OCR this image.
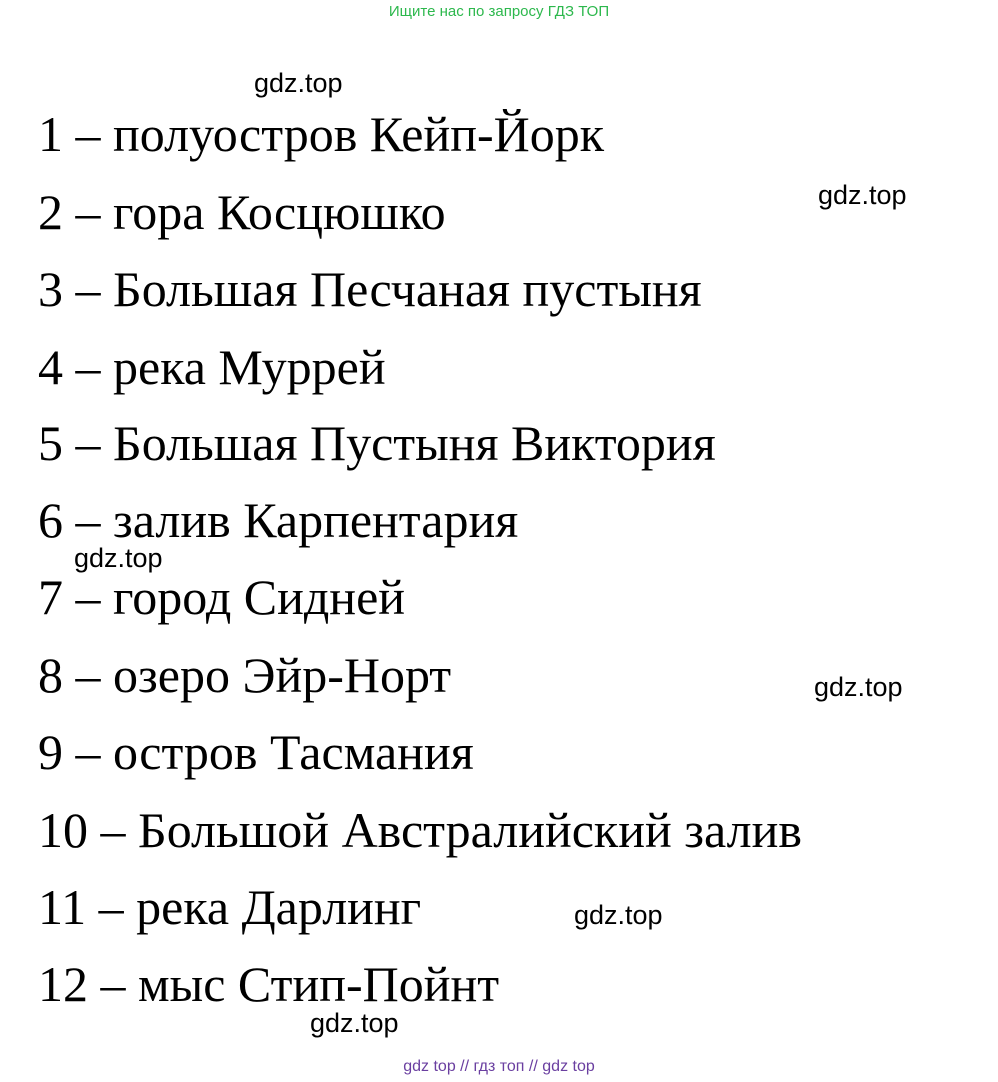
Ищите нас по запросу ГДЗ ТОП
1 – полуостров Кейп-Йорк
2 – гора Косцюшко
3 – Большая Песчаная пустыня
4 – река Муррей
5 – Большая Пустыня Виктория
6 – залив Карпентария
7 – город Сидней
8 – озеро Эйр-Норт
9 – остров Тасмания
10 – Большой Австралийский залив
11 – река Дарлинг
12 – мыс Стип-Пойнт
gdz.top
gdz.top
gdz.top
gdz.top
gdz.top
gdz.top
gdz top // гдз топ // gdz top
